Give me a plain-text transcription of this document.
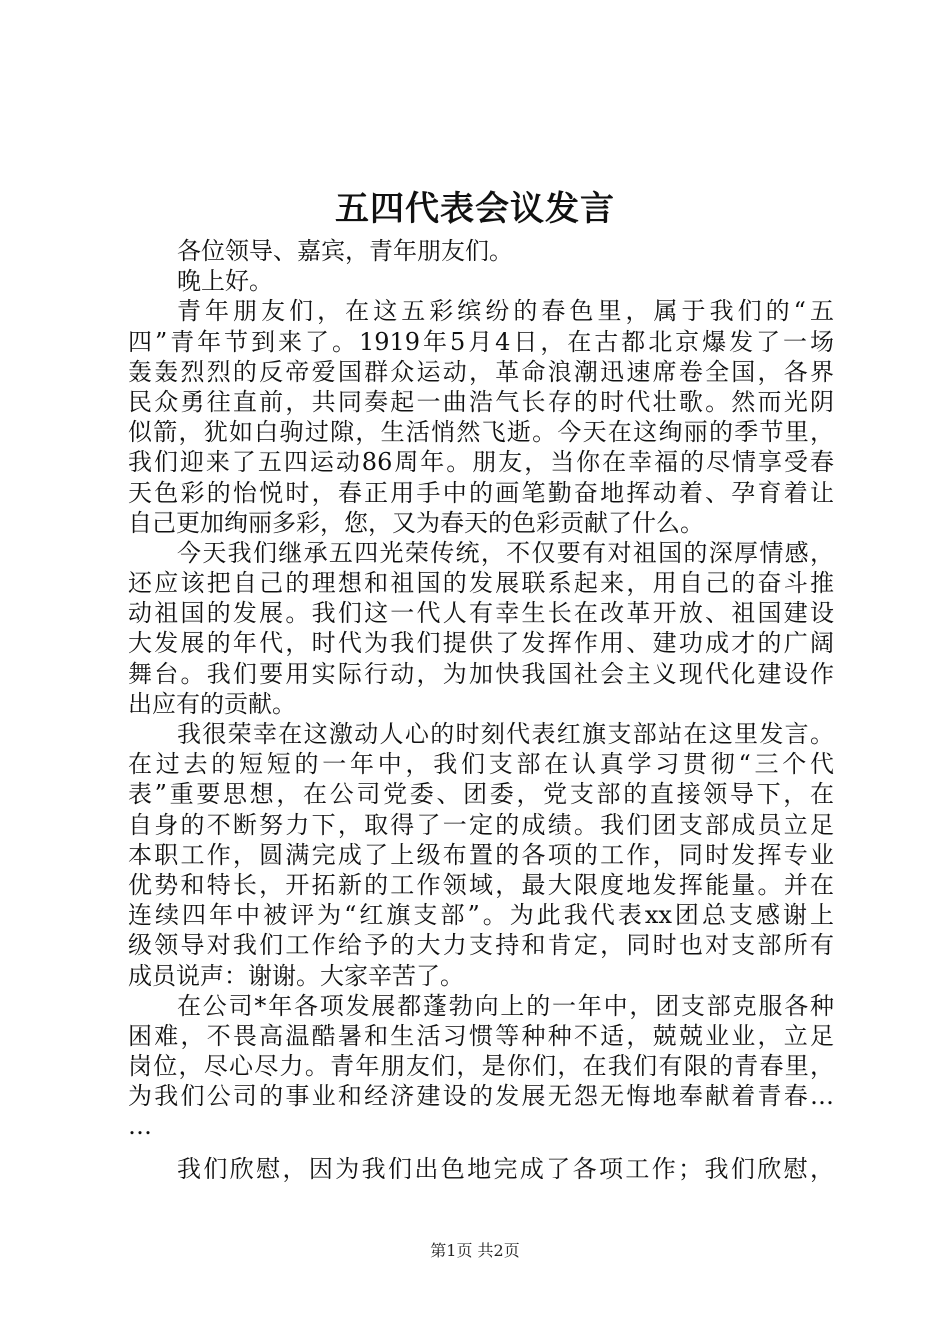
五四代表会议发言
各位领导、嘉宾，青年朋友们。
晚上好。
青年朋友们，在这五彩缤纷的春色里，属于我们的“五
四”青年节到来了。1919年5月4日，在古都北京爆发了一场
轰轰烈烈的反帝爱国群众运动，革命浪潮迅速席卷全国，各界
民众勇往直前，共同奏起一曲浩气长存的时代壮歌。然而光阴
似箭，犹如白驹过隙，生活悄然飞逝。今天在这绚丽的季节里，
我们迎来了五四运动86周年。朋友，当你在幸福的尽情享受春
天色彩的怡悦时，春正用手中的画笔勤奋地挥动着、孕育着让
自己更加绚丽多彩，您，又为春天的色彩贡献了什么。
今天我们继承五四光荣传统，不仅要有对祖国的深厚情感，
还应该把自己的理想和祖国的发展联系起来，用自己的奋斗推
动祖国的发展。我们这一代人有幸生长在改革开放、祖国建设
大发展的年代，时代为我们提供了发挥作用、建功成才的广阔
舞台。我们要用实际行动，为加快我国社会主义现代化建设作
出应有的贡献。
我很荣幸在这激动人心的时刻代表红旗支部站在这里发言。
在过去的短短的一年中，我们支部在认真学习贯彻“三个代
表”重要思想，在公司党委、团委，党支部的直接领导下，在
自身的不断努力下，取得了一定的成绩。我们团支部成员立足
本职工作，圆满完成了上级布置的各项的工作，同时发挥专业
优势和特长，开拓新的工作领域，最大限度地发挥能量。并在
连续四年中被评为“红旗支部”。为此我代表xx团总支感谢上
级领导对我们工作给予的大力支持和肯定，同时也对支部所有
成员说声：谢谢。大家辛苦了。
在公司*年各项发展都蓬勃向上的一年中，团支部克服各种
困难，不畏高温酷暑和生活习惯等种种不适，兢兢业业，立足
岗位，尽心尽力。青年朋友们，是你们，在我们有限的青春里，
为我们公司的事业和经济建设的发展无怨无悔地奉献着青春…
…
我们欣慰，因为我们出色地完成了各项工作；我们欣慰，
第1页 共2页
